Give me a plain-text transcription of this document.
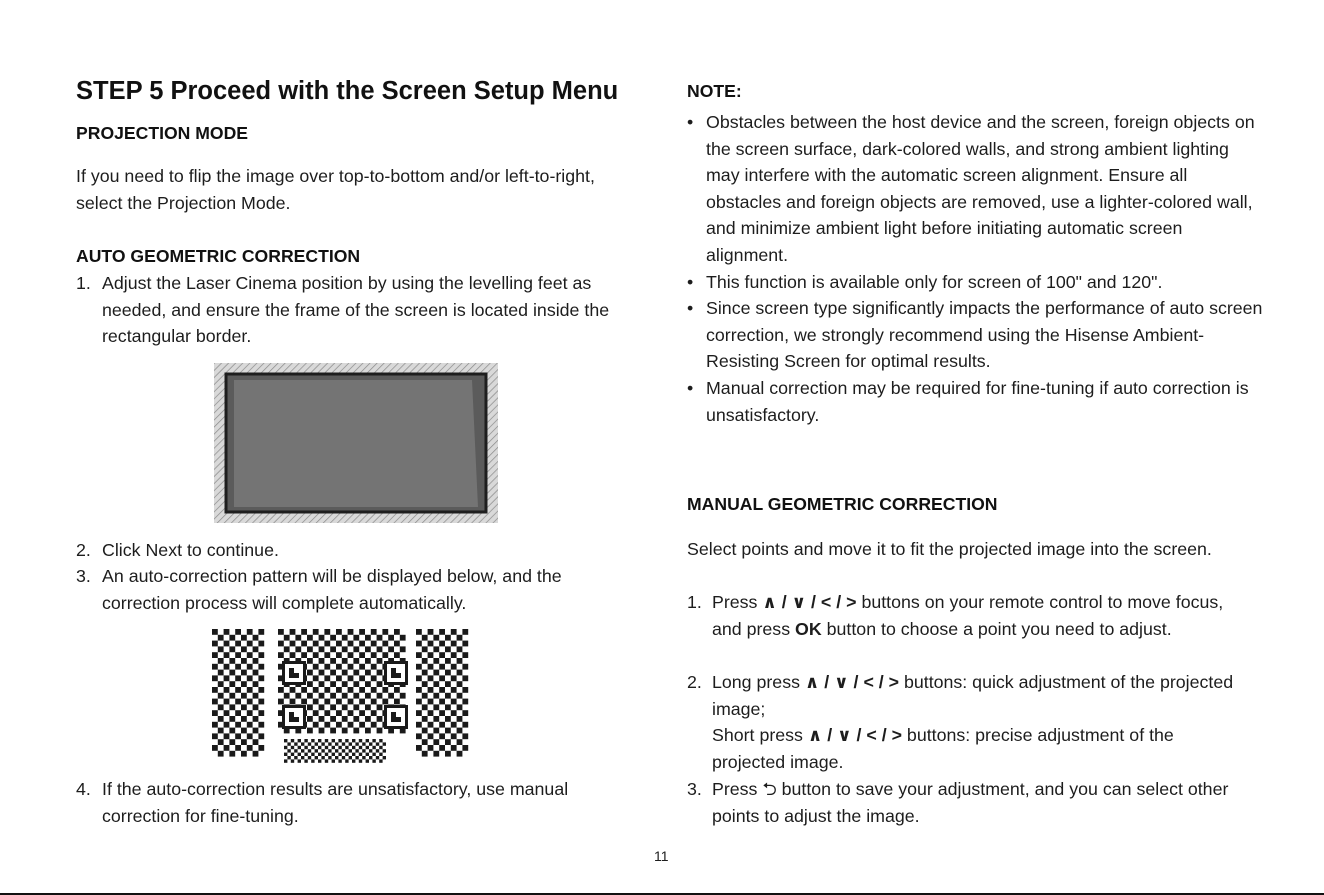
STEP 5 Proceed with the Screen Setup Menu
PROJECTION MODE
If you need to flip the image over top-to-bottom and/or left-to-right, select the Projection Mode.
AUTO GEOMETRIC CORRECTION
1. Adjust the Laser Cinema position by using the levelling feet as needed, and ensure the frame of the screen is located inside the rectangular border.
2. Click Next to continue.
3. An auto-correction pattern will be displayed below, and the correction process will complete automatically.
4. If the auto-correction results are unsatisfactory, use manual correction for fine-tuning.
NOTE:
• Obstacles between the host device and the screen, foreign objects on the screen surface, dark-colored walls, and strong ambient lighting may interfere with the automatic screen alignment. Ensure all obstacles and foreign objects are removed, use a lighter-colored wall, and minimize ambient light before initiating automatic screen alignment.
• This function is available only for screen of 100" and 120".
• Since screen type significantly impacts the performance of auto screen correction, we strongly recommend using the Hisense Ambient-Resisting Screen for optimal results.
• Manual correction may be required for fine-tuning if auto correction is unsatisfactory.
MANUAL GEOMETRIC CORRECTION
Select points and move it to fit the projected image into the screen.
1. Press ∧ / ∨ / < / > buttons on your remote control to move focus, and press OK button to choose a point you need to adjust.
2. Long press ∧ / ∨ / < / > buttons: quick adjustment of the projected image;
Short press ∧ / ∨ / < / > buttons: precise adjustment of the projected image.
3. Press ⮌ button to save your adjustment, and you can select other points to adjust the image.
11
